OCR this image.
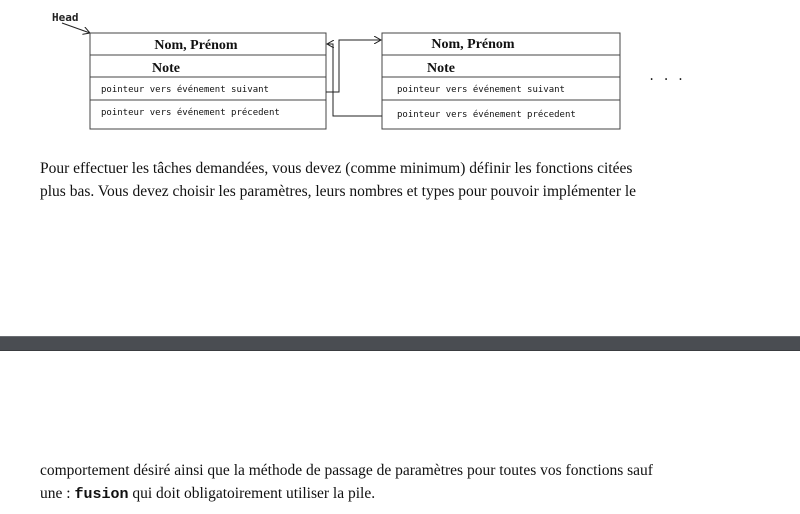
Head
Nom, Prénom
Note
pointeur vers événement suivant
pointeur vers événement précedent
Nom, Prénom
Note
pointeur vers événement suivant
pointeur vers événement précedent
. . .

Pour effectuer les tâches demandées, vous devez (comme minimum) définir les fonctions citées
plus bas. Vous devez choisir les paramètres, leurs nombres et types pour pouvoir implémenter le

comportement désiré ainsi que la méthode de passage de paramètres pour toutes vos fonctions sauf
une : fusion qui doit obligatoirement utiliser la pile.
